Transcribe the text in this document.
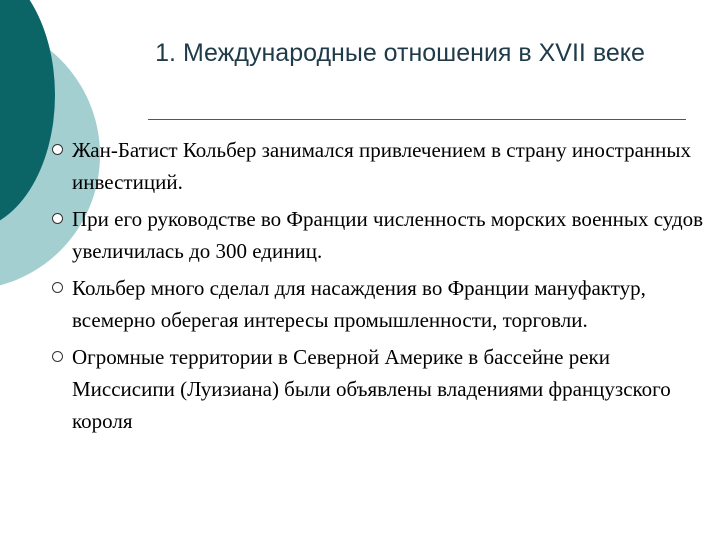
1. Международные отношения в XVII веке
Жан-Батист Кольбер занимался привлечением в страну иностранных инвестиций.
При его руководстве во Франции численность морских военных судов увеличилась до 300 единиц.
Кольбер много сделал для насаждения во Франции мануфактур, всемерно оберегая интересы промышленности, торговли.
Огромные территории в Северной Америке в бассейне реки Миссисипи (Луизиана) были объявлены владениями французского короля
